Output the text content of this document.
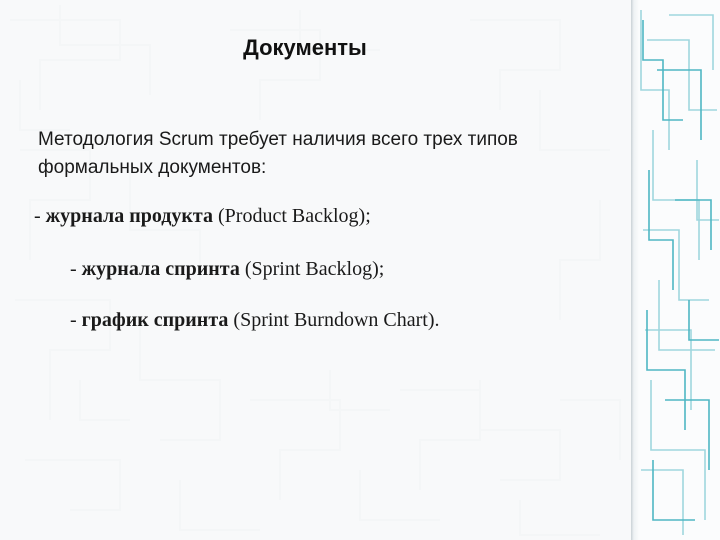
Документы
Методология Scrum требует наличия всего трех типов формальных документов:
- журнала продукта (Product Backlog);
- журнала спринта (Sprint Backlog);
- график спринта (Sprint Burndown Chart).
